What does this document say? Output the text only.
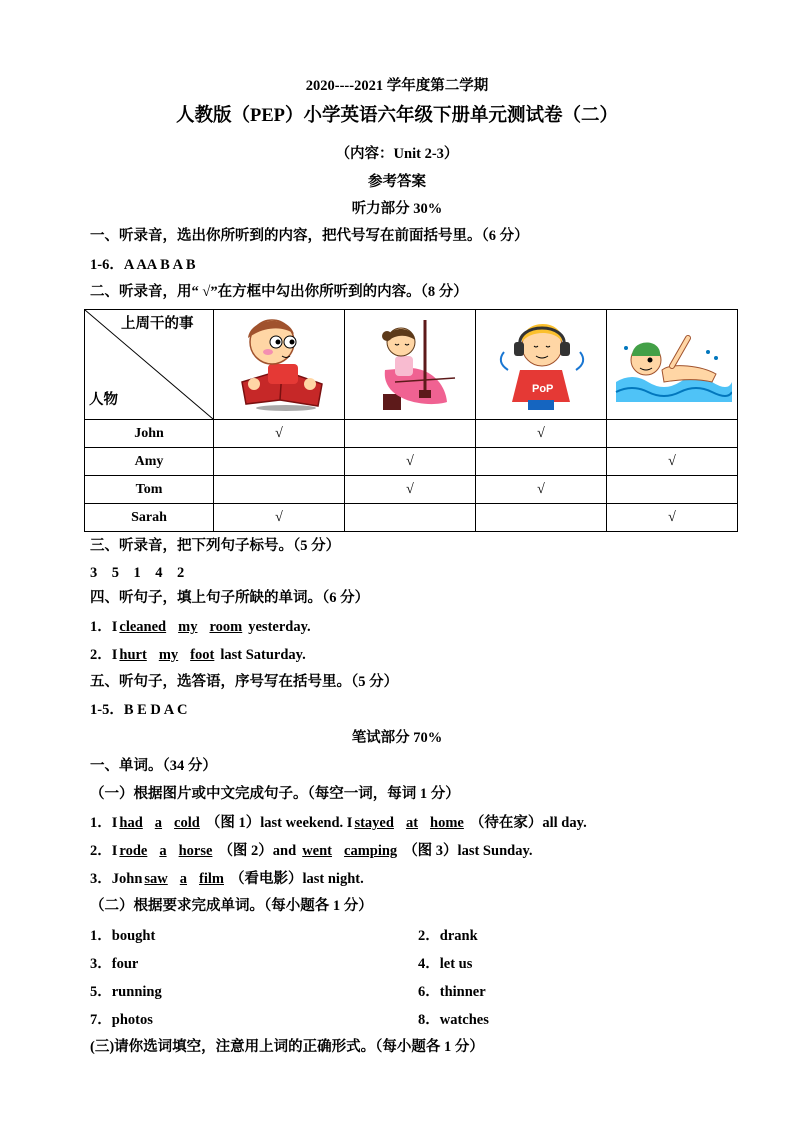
2020----2021 学年度第二学期
人教版（PEP）小学英语六年级下册单元测试卷（二）
（内容：Unit 2-3）
参考答案
听力部分 30%
一、听录音，选出你所听到的内容，把代号写在前面括号里。（6 分）
1-6．A AA B A B
二、听录音，用“ √”在方框中勾出你所听到的内容。（8 分）
上周干的事
人物			PoP

John	√		√	
Amy		√		√
Tom		√	√	
Sarah	√			√
三、听录音，把下列句子标号。（5 分）
3    5    1    4    2
四、听句子，填上句子所缺的单词。（6 分）
1．I cleaned my room yesterday.
2．I hurt my foot last Saturday.
五、听句子，选答语，序号写在括号里。（5 分）
1-5．B E D A C
笔试部分 70%
一、单词。（34 分）
（一）根据图片或中文完成句子。（每空一词，每词 1 分）
1．I had a cold （图 1）last weekend. I stayed at home （待在家）all day.
2．I rode a horse （图 2）and went camping （图 3）last Sunday.
3．John saw a film （看电影）last night.
（二）根据要求完成单词。（每小题各 1 分）
1．bought	2．drank
3．four	4．let us
5．running	6．thinner
7．photos	8．watches
(三)请你选词填空，注意用上词的正确形式。（每小题各 1 分）
